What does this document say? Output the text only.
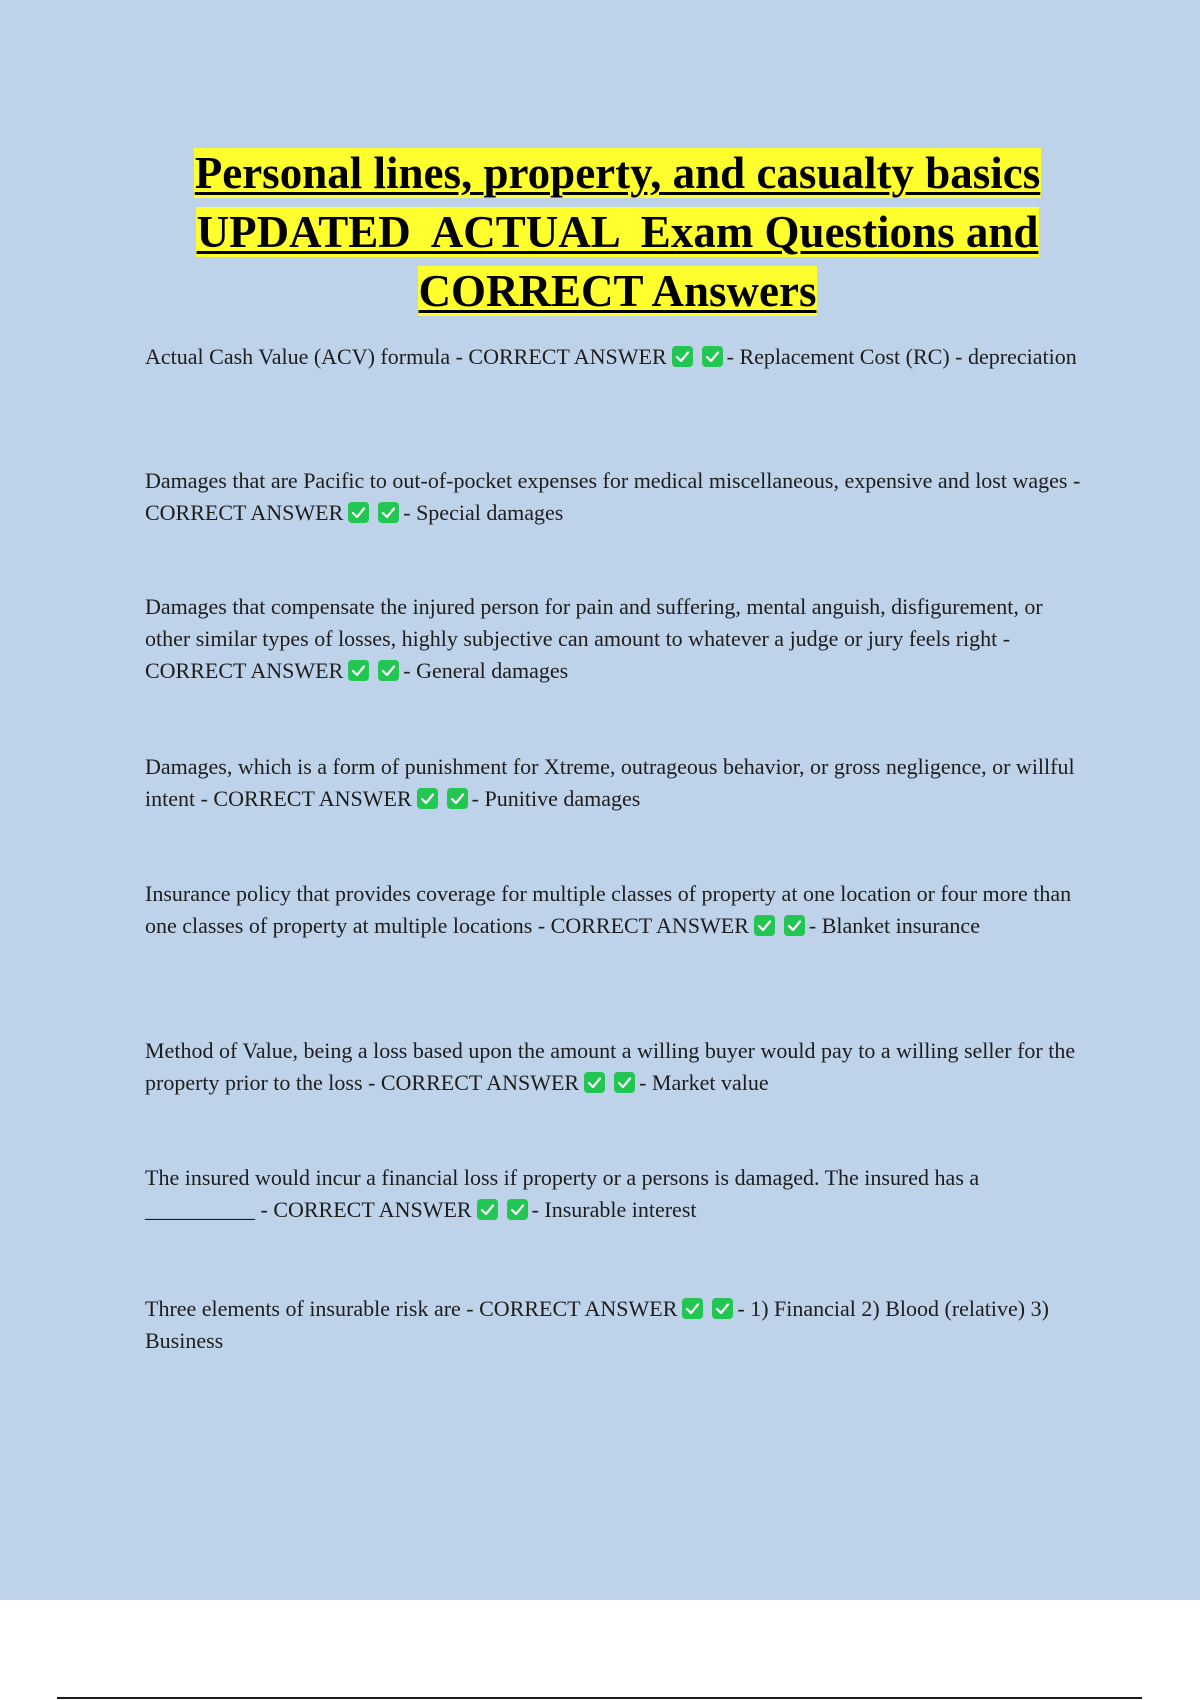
Personal lines, property, and casualty basics
UPDATED  ACTUAL  Exam Questions and
CORRECT Answers
Actual Cash Value (ACV) formula - CORRECT ANSWER	- Replacement Cost (RC) - depreciation
Damages that are Pacific to out-of-pocket expenses for medical miscellaneous, expensive and lost wages - CORRECT ANSWER	- Special damages
Damages that compensate the injured person for pain and suffering, mental anguish, disfigurement, or other similar types of losses, highly subjective can amount to whatever a judge or jury feels right - CORRECT ANSWER	- General damages
Damages, which is a form of punishment for Xtreme, outrageous behavior, or gross negligence, or willful intent - CORRECT ANSWER	- Punitive damages
Insurance policy that provides coverage for multiple classes of property at one location or four more than one classes of property at multiple locations - CORRECT ANSWER	- Blanket insurance
Method of Value, being a loss based upon the amount a willing buyer would pay to a willing seller for the property prior to the loss - CORRECT ANSWER	- Market value
The insured would incur a financial loss if property or a persons is damaged. The insured has a __________ - CORRECT ANSWER	- Insurable interest
Three elements of insurable risk are - CORRECT ANSWER	- 1) Financial 2) Blood (relative) 3) Business
